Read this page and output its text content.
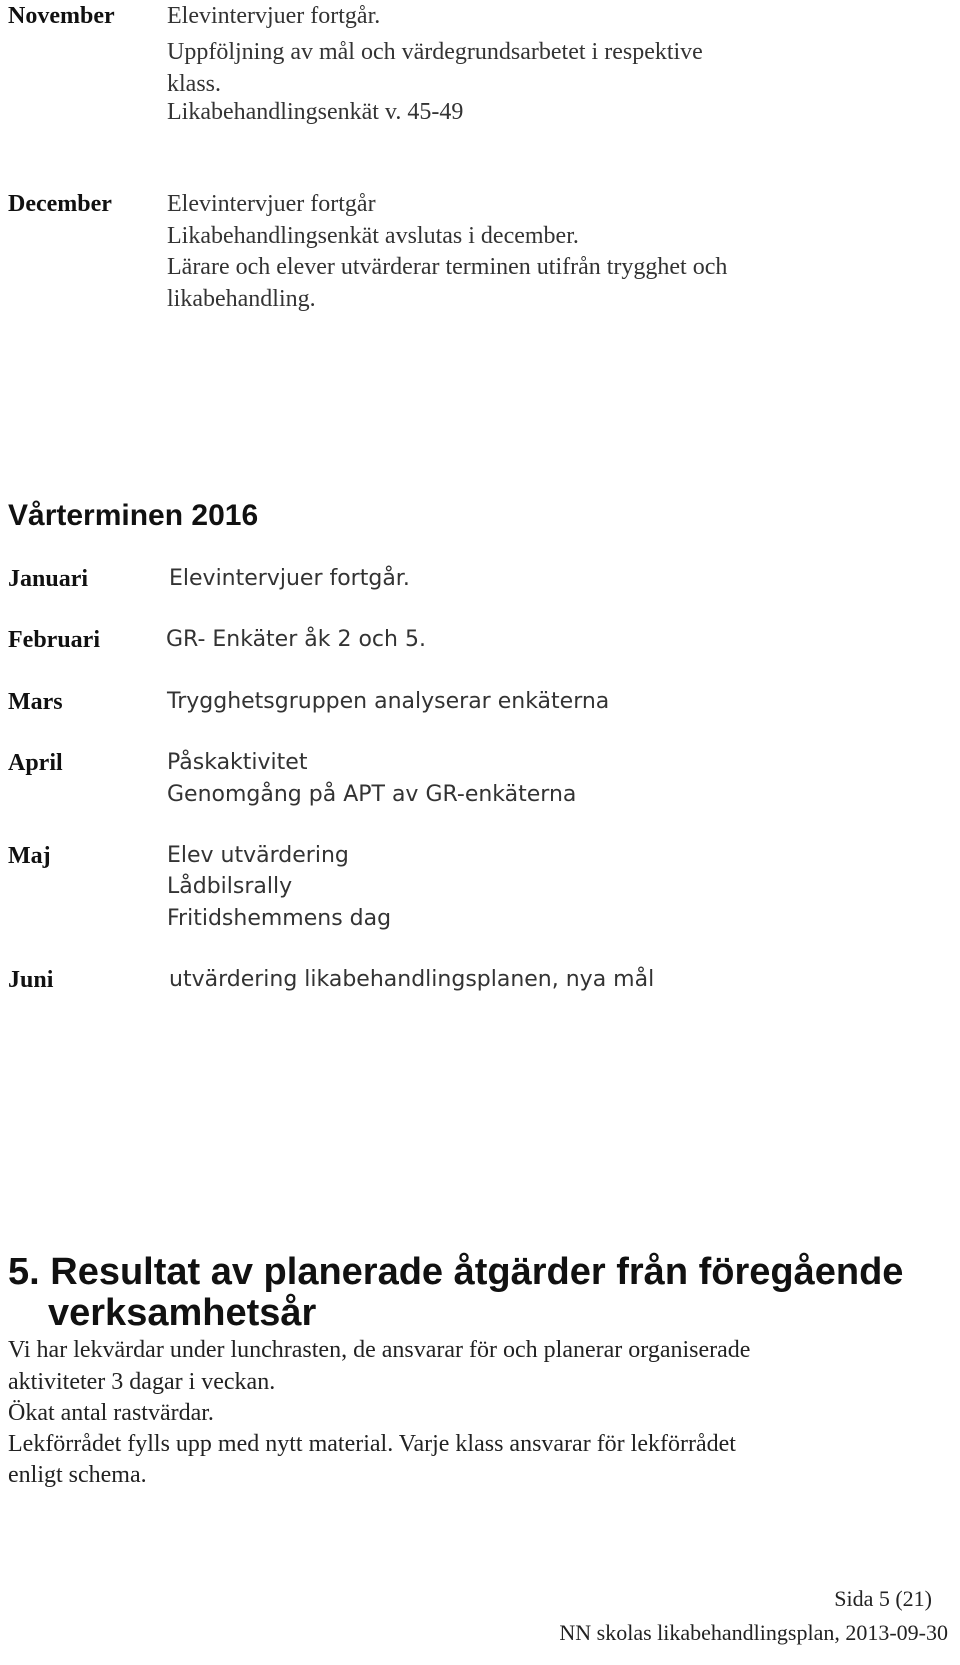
November Elevintervjuer fortgår.
Uppföljning av mål och värdegrundsarbetet i respektive
klass.
Likabehandlingsenkät v. 45-49
December Elevintervjuer fortgår
Likabehandlingsenkät avslutas i december.
Lärare och elever utvärderar terminen utifrån trygghet och
likabehandling.
Vårterminen 2016
Januari	Elevintervjuer fortgår.
Februari	GR- Enkäter åk 2 och 5.
Mars	Trygghetsgruppen analyserar enkäterna
April	Påskaktivitet
Genomgång på APT av GR-enkäterna
Maj	Elev utvärdering
Lådbilsrally
Fritidshemmens dag
Juni	utvärdering likabehandlingsplanen, nya mål
5. Resultat av planerade åtgärder från föregående
verksamhetsår
Vi har lekvärdar under lunchrasten, de ansvarar för och planerar organiserade
aktiviteter 3 dagar i veckan.
Ökat antal rastvärdar.
Lekförrådet fylls upp med nytt material. Varje klass ansvarar för lekförrådet
enligt schema.
Sida 5 (21)
NN skolas likabehandlingsplan, 2013-09-30
